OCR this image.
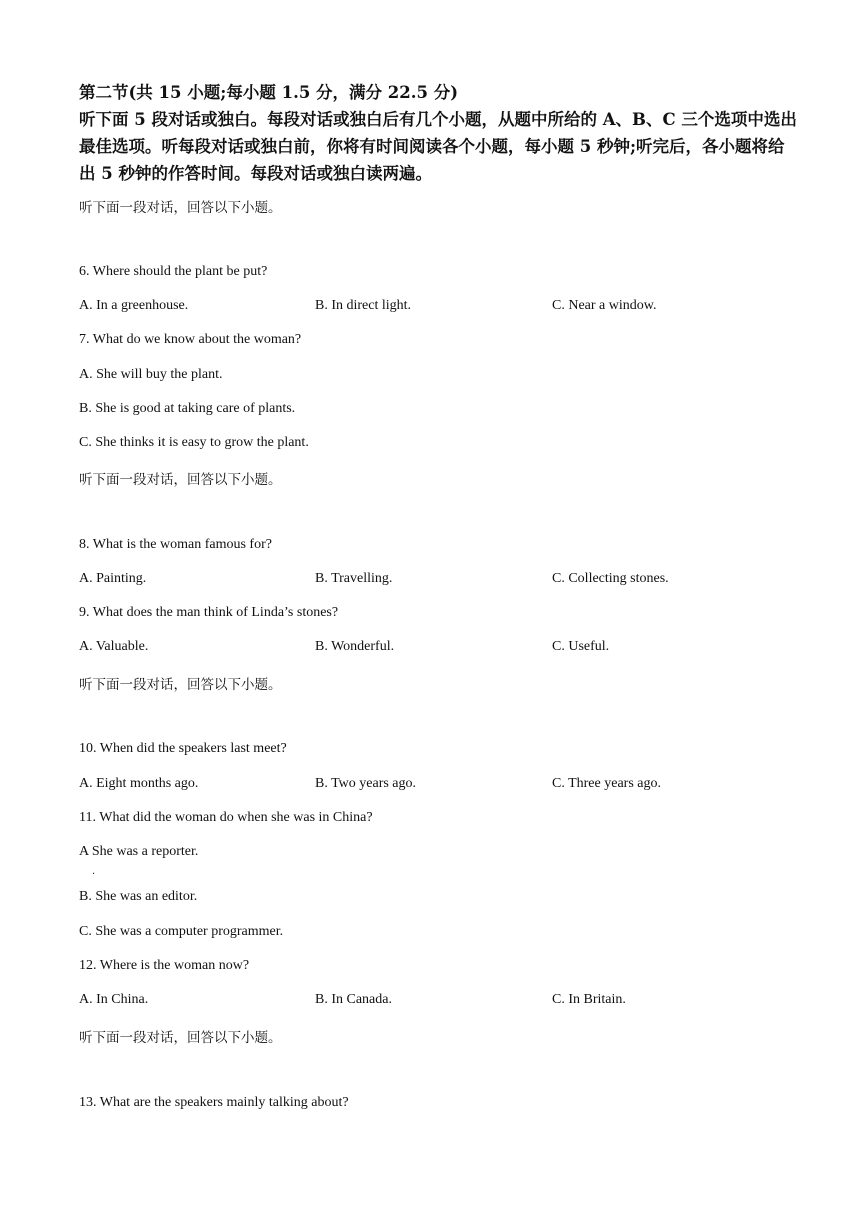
第二节(共 15 小题;每小题 1.5 分，满分 22.5 分)
听下面 5 段对话或独白。每段对话或独白后有几个小题，从题中所给的 A、B、C 三个选项中选出最佳选项。听每段对话或独白前，你将有时间阅读各个小题，每小题 5 秒钟;听完后，各小题将给出 5 秒钟的作答时间。每段对话或独白读两遍。
听下面一段对话，回答以下小题。
6. Where should the plant be put?
A. In a greenhouse.	B. In direct light.	C. Near a window.
7. What do we know about the woman?
A. She will buy the plant.
B. She is good at taking care of plants.
C. She thinks it is easy to grow the plant.
听下面一段对话，回答以下小题。
8. What is the woman famous for?
A. Painting.	B. Travelling.	C. Collecting stones.
9. What does the man think of Linda’s stones?
A. Valuable.	B. Wonderful.	C. Useful.
听下面一段对话，回答以下小题。
10. When did the speakers last meet?
A. Eight months ago.	B. Two years ago.	C. Three years ago.
11. What did the woman do when she was in China?
A She was a reporter.
.
B. She was an editor.
C. She was a computer programmer.
12. Where is the woman now?
A. In China.	B. In Canada.	C. In Britain.
听下面一段对话，回答以下小题。
13. What are the speakers mainly talking about?
